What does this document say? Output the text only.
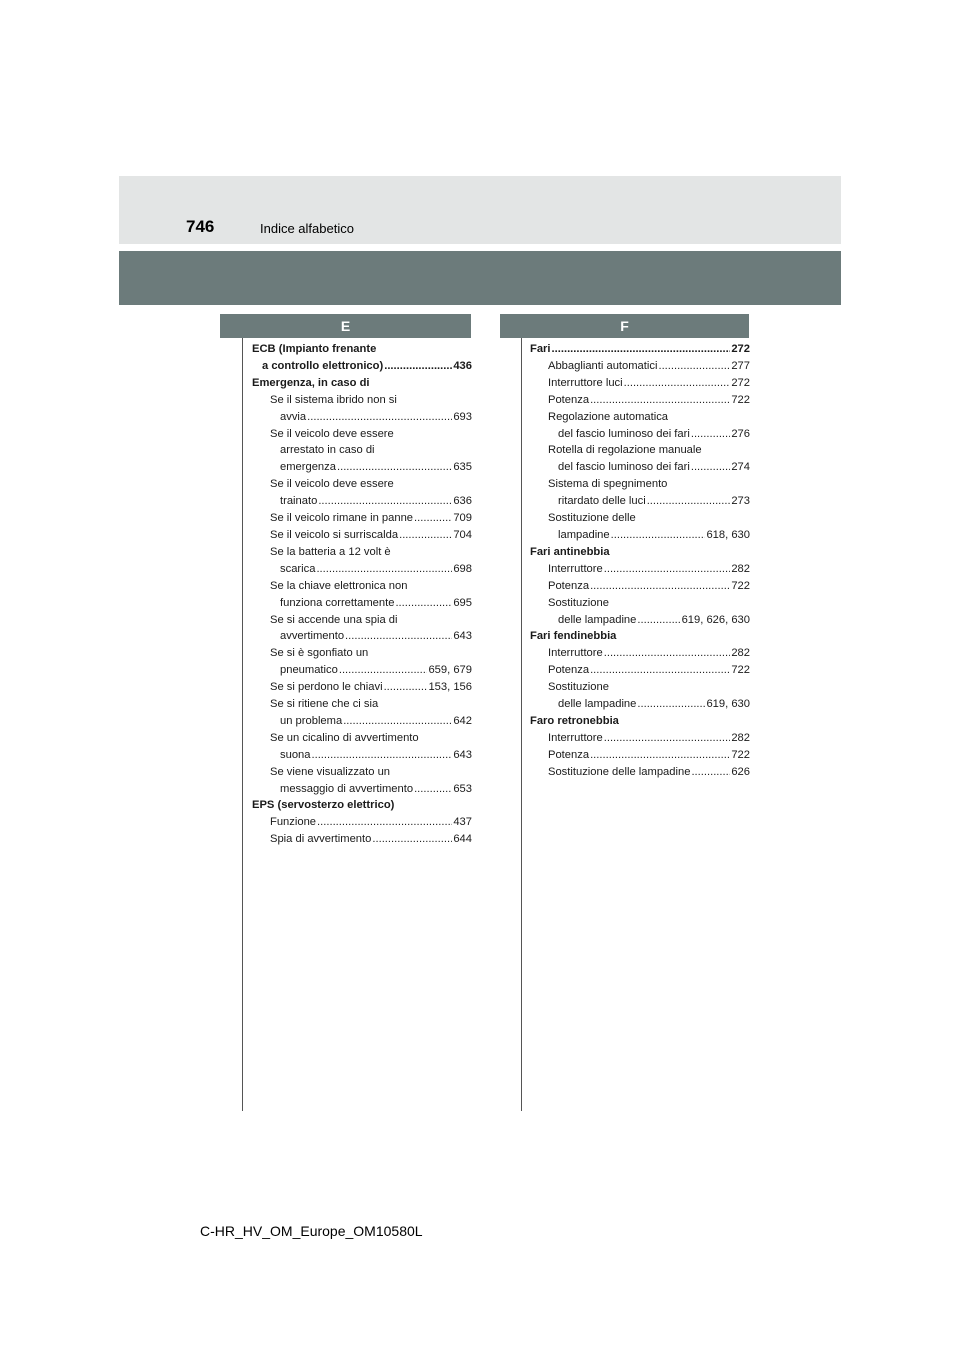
746	Indice alfabetico
E	F
ECB (Impianto frenante
a controllo elettronico) .....	436
Emergenza, in caso di
Se il sistema ibrido non si
avvia .....	693
Se il veicolo deve essere
arrestato in caso di
emergenza .....	635
Se il veicolo deve essere
trainato .....	636
Se il veicolo rimane in panne .....	709
Se il veicolo si surriscalda .....	704
Se la batteria a 12 volt è
scarica .....	698
Se la chiave elettronica non
funziona correttamente .....	695
Se si accende una spia di
avvertimento .....	643
Se si è sgonfiato un
pneumatico .....	659, 679
Se si perdono le chiavi .....	153, 156
Se si ritiene che ci sia
un problema .....	642
Se un cicalino di avvertimento
suona .....	643
Se viene visualizzato un
messaggio di avvertimento .....	653
EPS (servosterzo elettrico)
Funzione .....	437
Spia di avvertimento .....	644
Fari .....	272
Abbaglianti automatici .....	277
Interruttore luci .....	272
Potenza .....	722
Regolazione automatica
del fascio luminoso dei fari .....	276
Rotella di regolazione manuale
del fascio luminoso dei fari .....	274
Sistema di spegnimento
ritardato delle luci .....	273
Sostituzione delle
lampadine .....	618, 630
Fari antinebbia
Interruttore .....	282
Potenza .....	722
Sostituzione
delle lampadine .....	619, 626, 630
Fari fendinebbia
Interruttore .....	282
Potenza .....	722
Sostituzione
delle lampadine .....	619, 630
Faro retronebbia
Interruttore .....	282
Potenza .....	722
Sostituzione delle lampadine .....	626
C-HR_HV_OM_Europe_OM10580L
